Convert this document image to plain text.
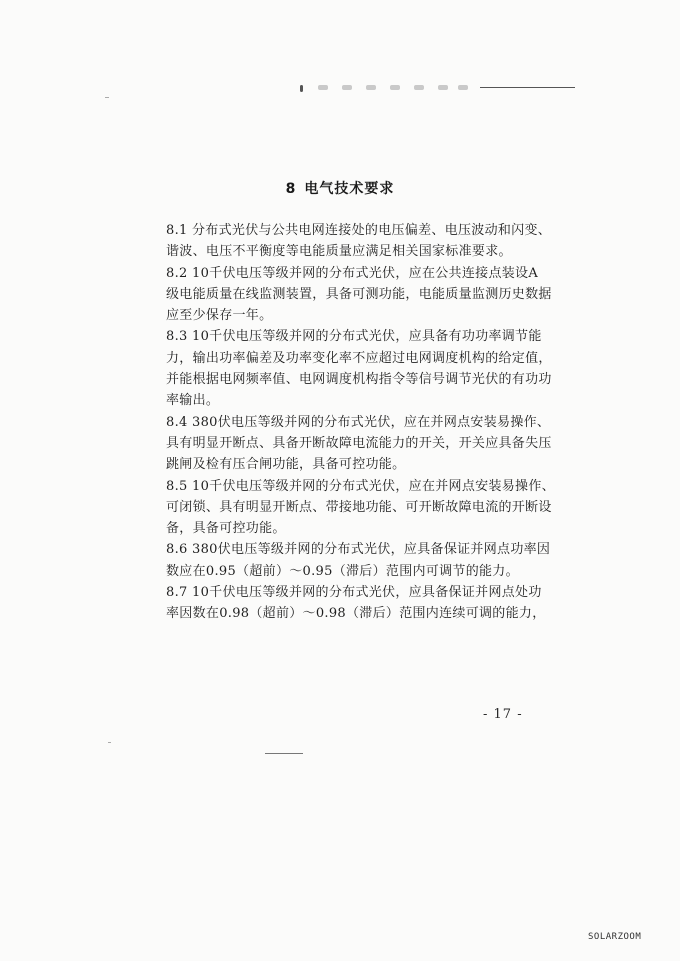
8 电气技术要求
8.1 分布式光伏与公共电网连接处的电压偏差、电压波动和闪变、
谐波、电压不平衡度等电能质量应满足相关国家标准要求。
8.2 10千伏电压等级并网的分布式光伏，应在公共连接点装设A
级电能质量在线监测装置，具备可测功能，电能质量监测历史数据
应至少保存一年。
8.3 10千伏电压等级并网的分布式光伏，应具备有功功率调节能
力，输出功率偏差及功率变化率不应超过电网调度机构的给定值，
并能根据电网频率值、电网调度机构指令等信号调节光伏的有功功
率输出。
8.4 380伏电压等级并网的分布式光伏，应在并网点安装易操作、
具有明显开断点、具备开断故障电流能力的开关，开关应具备失压
跳闸及检有压合闸功能，具备可控功能。
8.5 10千伏电压等级并网的分布式光伏，应在并网点安装易操作、
可闭锁、具有明显开断点、带接地功能、可开断故障电流的开断设
备，具备可控功能。
8.6 380伏电压等级并网的分布式光伏，应具备保证并网点功率因
数应在0.95（超前）～0.95（滞后）范围内可调节的能力。
8.7 10千伏电压等级并网的分布式光伏，应具备保证并网点处功
率因数在0.98（超前）～0.98（滞后）范围内连续可调的能力，
- 17 -
SOLARZOOM
